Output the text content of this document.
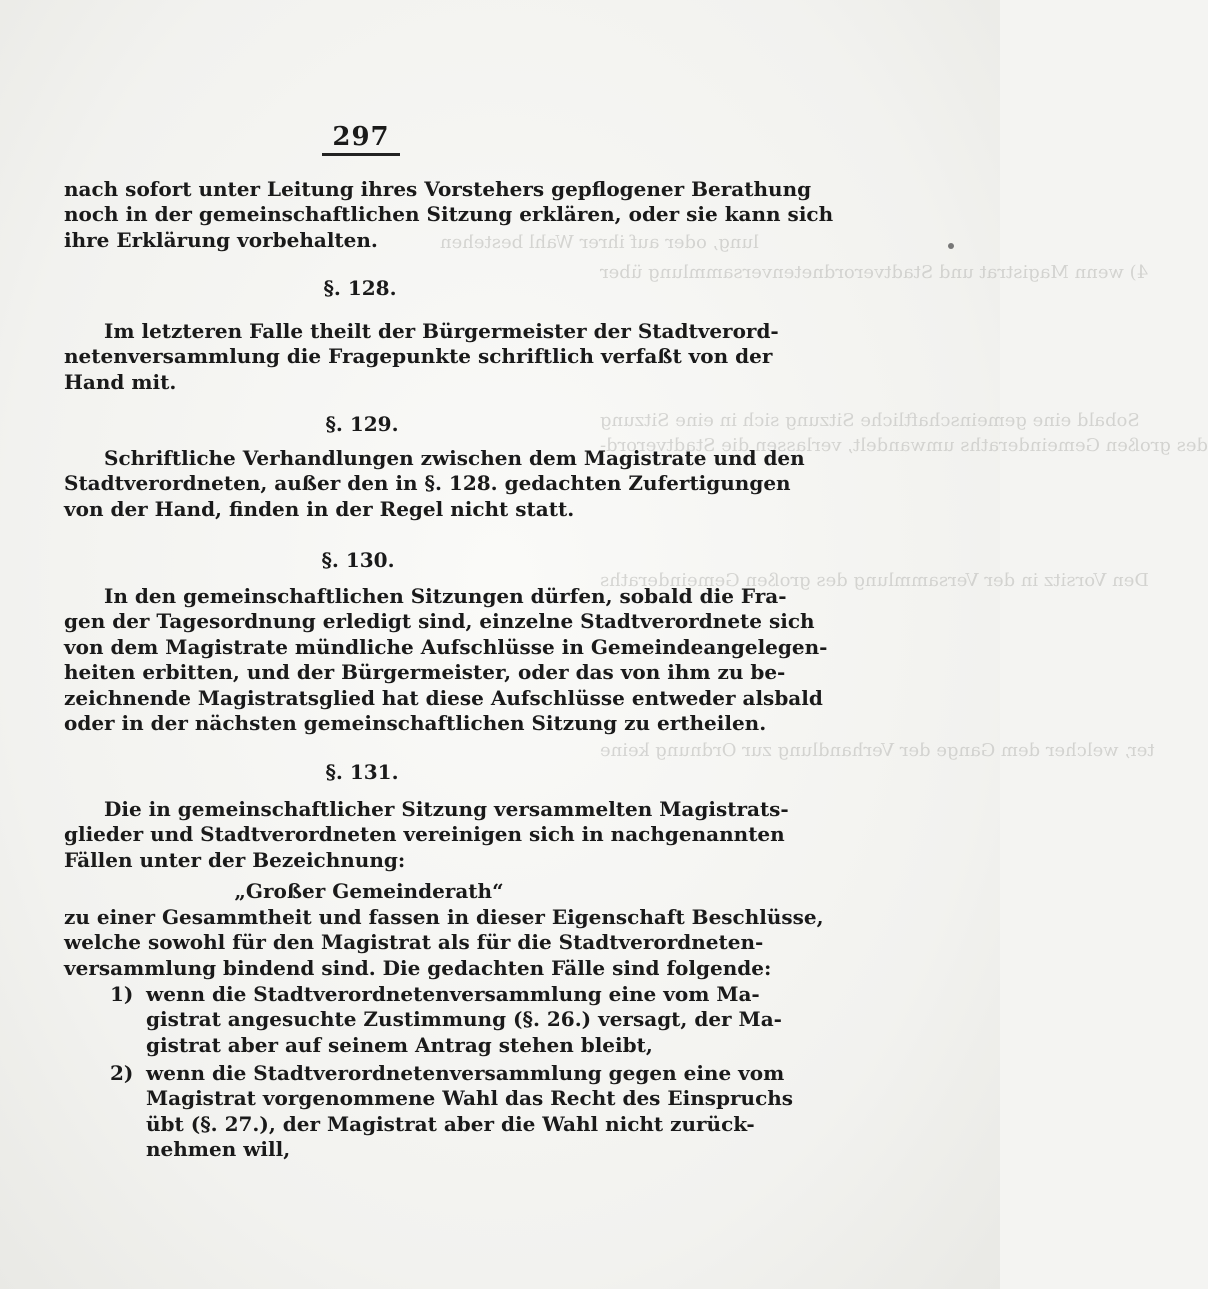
lung, oder auf ihrer Wahl bestehen
4) wenn Magistrat und Stadtverordnetenversammlung über
Sobald eine gemeinschaftliche Sitzung sich in eine Sitzung
des großen Gemeinderaths umwandelt, verlassen die Stadtverord-
Den Vorsitz in der Versammlung des großen Gemeinderaths
ter, welcher dem Gange der Verhandlung zur Ordnung keine
297
nach sofort unter Leitung ihres Vorstehers gepflogener Berathung
noch in der gemeinschaftlichen Sitzung erklären, oder sie kann sich
ihre Erklärung vorbehalten.
§. 128.
Im letzteren Falle theilt der Bürgermeister der Stadtverord-
netenversammlung die Fragepunkte schriftlich verfaßt von der
Hand mit.
§. 129.
Schriftliche Verhandlungen zwischen dem Magistrate und den
Stadtverordneten, außer den in §. 128. gedachten Zufertigungen
von der Hand, finden in der Regel nicht statt.
§. 130.
In den gemeinschaftlichen Sitzungen dürfen, sobald die Fra-
gen der Tagesordnung erledigt sind, einzelne Stadtverordnete sich
von dem Magistrate mündliche Aufschlüsse in Gemeindeangelegen-
heiten erbitten, und der Bürgermeister, oder das von ihm zu be-
zeichnende Magistratsglied hat diese Aufschlüsse entweder alsbald
oder in der nächsten gemeinschaftlichen Sitzung zu ertheilen.
§. 131.
Die in gemeinschaftlicher Sitzung versammelten Magistrats-
glieder und Stadtverordneten vereinigen sich in nachgenannten
Fällen unter der Bezeichnung:
„Großer Gemeinderath“
zu einer Gesammtheit und fassen in dieser Eigenschaft Beschlüsse,
welche sowohl für den Magistrat als für die Stadtverordneten-
versammlung bindend sind. Die gedachten Fälle sind folgende:
1) wenn die Stadtverordnetenversammlung eine vom Ma-
gistrat angesuchte Zustimmung (§. 26.) versagt, der Ma-
gistrat aber auf seinem Antrag stehen bleibt,
2) wenn die Stadtverordnetenversammlung gegen eine vom
Magistrat vorgenommene Wahl das Recht des Einspruchs
übt (§. 27.), der Magistrat aber die Wahl nicht zurück-
nehmen will,
